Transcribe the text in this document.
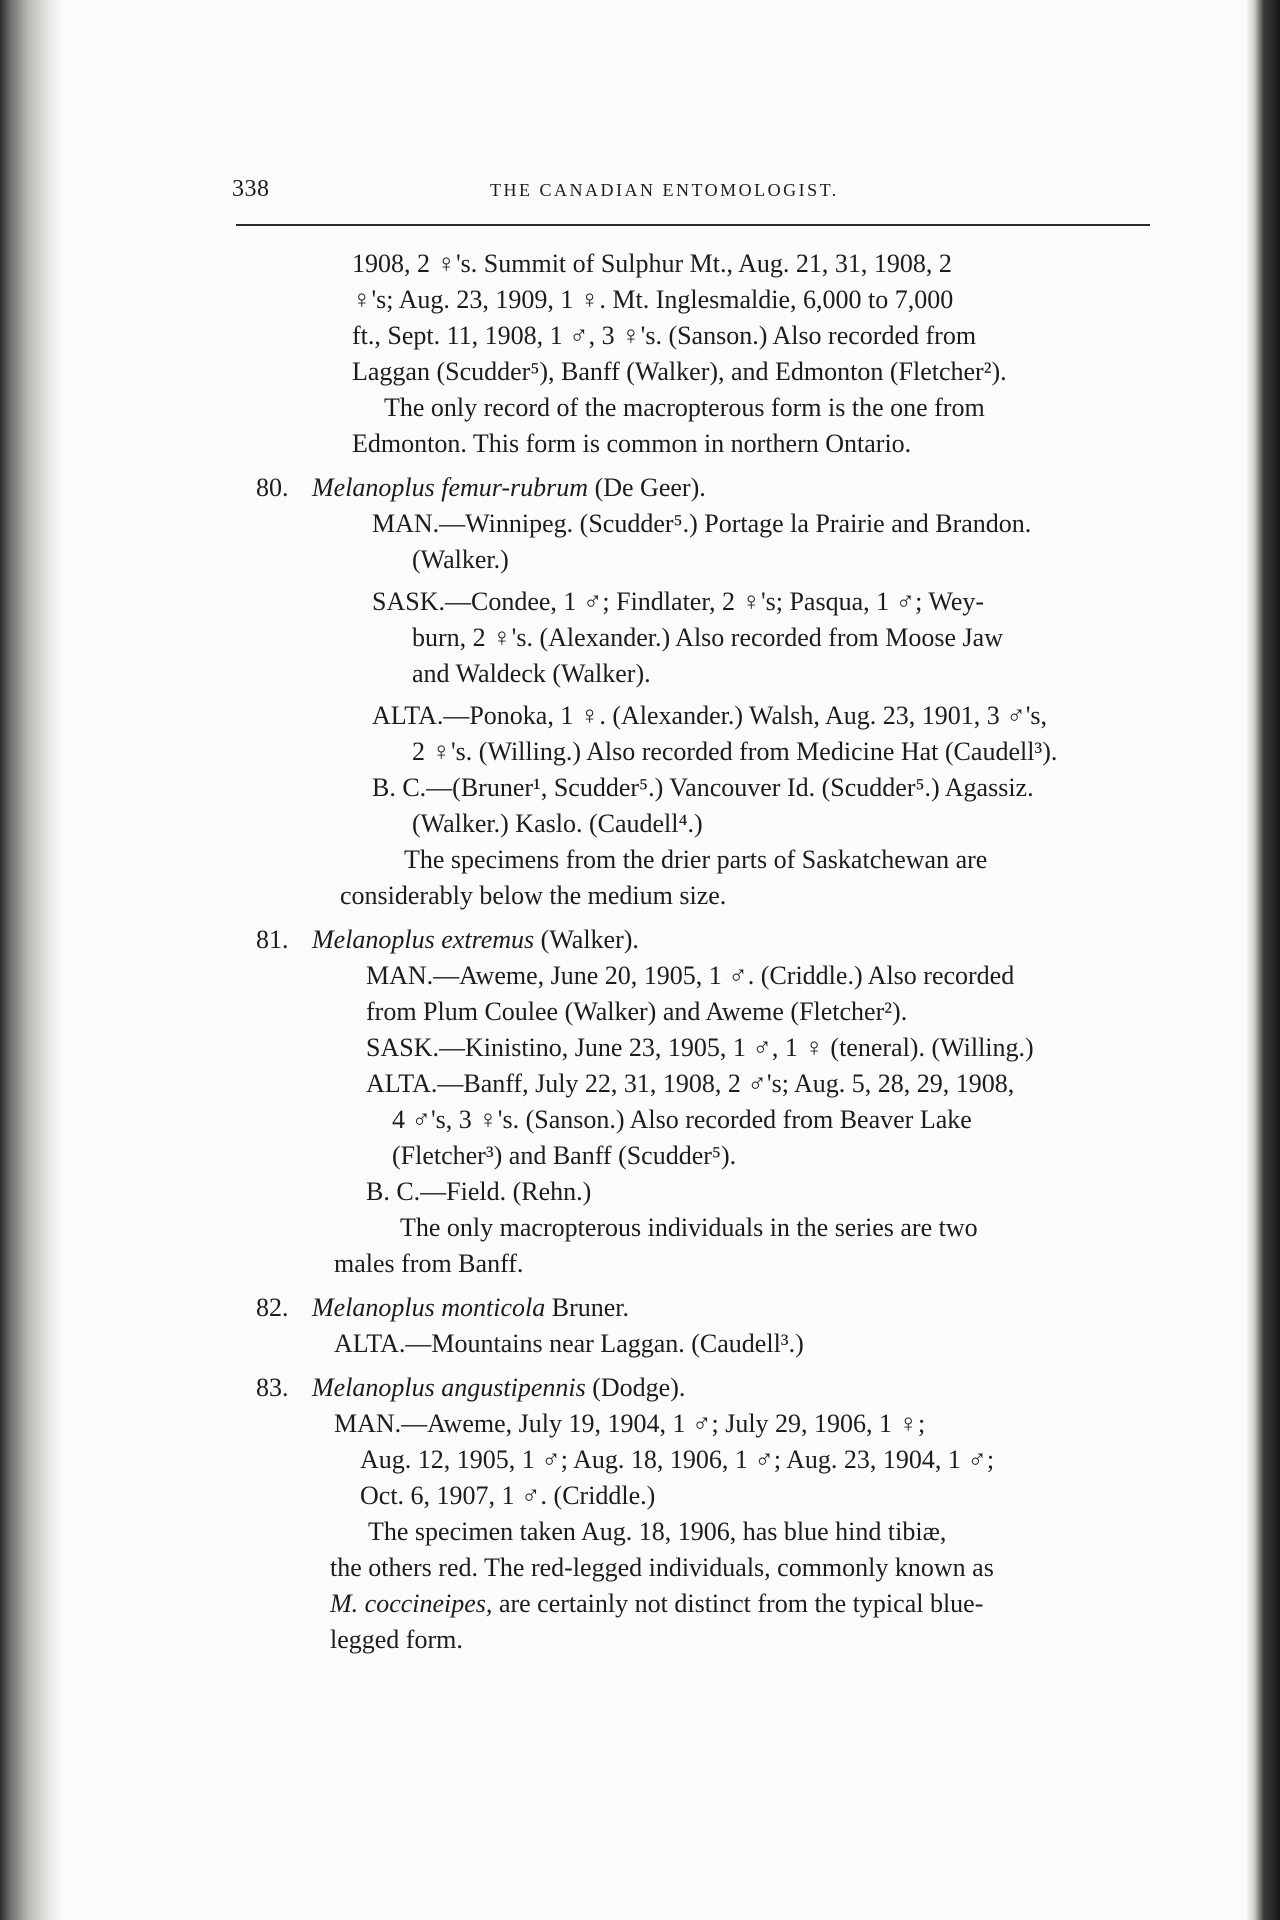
338	THE CANADIAN ENTOMOLOGIST.
1908, 2 ♀'s. Summit of Sulphur Mt., Aug. 21, 31, 1908, 2
♀'s; Aug. 23, 1909, 1 ♀. Mt. Inglesmaldie, 6,000 to 7,000
ft., Sept. 11, 1908, 1 ♂, 3 ♀'s. (Sanson.) Also recorded from
Laggan (Scudder⁵), Banff (Walker), and Edmonton (Fletcher²).
The only record of the macropterous form is the one from
Edmonton. This form is common in northern Ontario.
80. Melanoplus femur-rubrum (De Geer).
MAN.—Winnipeg. (Scudder⁵.) Portage la Prairie and Brandon.
(Walker.)
SASK.—Condee, 1 ♂; Findlater, 2 ♀'s; Pasqua, 1 ♂; Wey-
burn, 2 ♀'s. (Alexander.) Also recorded from Moose Jaw
and Waldeck (Walker).
ALTA.—Ponoka, 1 ♀. (Alexander.) Walsh, Aug. 23, 1901, 3 ♂'s,
2 ♀'s. (Willing.) Also recorded from Medicine Hat (Caudell³).
B. C.—(Bruner¹, Scudder⁵.) Vancouver Id. (Scudder⁵.) Agassiz.
(Walker.) Kaslo. (Caudell⁴.)
The specimens from the drier parts of Saskatchewan are
considerably below the medium size.
81. Melanoplus extremus (Walker).
MAN.—Aweme, June 20, 1905, 1 ♂. (Criddle.) Also recorded
from Plum Coulee (Walker) and Aweme (Fletcher²).
SASK.—Kinistino, June 23, 1905, 1 ♂, 1 ♀ (teneral). (Willing.)
ALTA.—Banff, July 22, 31, 1908, 2 ♂'s; Aug. 5, 28, 29, 1908,
4 ♂'s, 3 ♀'s. (Sanson.) Also recorded from Beaver Lake
(Fletcher³) and Banff (Scudder⁵).
B. C.—Field. (Rehn.)
The only macropterous individuals in the series are two
males from Banff.
82. Melanoplus monticola Bruner.
ALTA.—Mountains near Laggan. (Caudell³.)
83. Melanoplus angustipennis (Dodge).
MAN.—Aweme, July 19, 1904, 1 ♂; July 29, 1906, 1 ♀;
Aug. 12, 1905, 1 ♂; Aug. 18, 1906, 1 ♂; Aug. 23, 1904, 1 ♂;
Oct. 6, 1907, 1 ♂. (Criddle.)
The specimen taken Aug. 18, 1906, has blue hind tibiæ,
the others red. The red-legged individuals, commonly known as
M. coccineipes, are certainly not distinct from the typical blue-
legged form.
